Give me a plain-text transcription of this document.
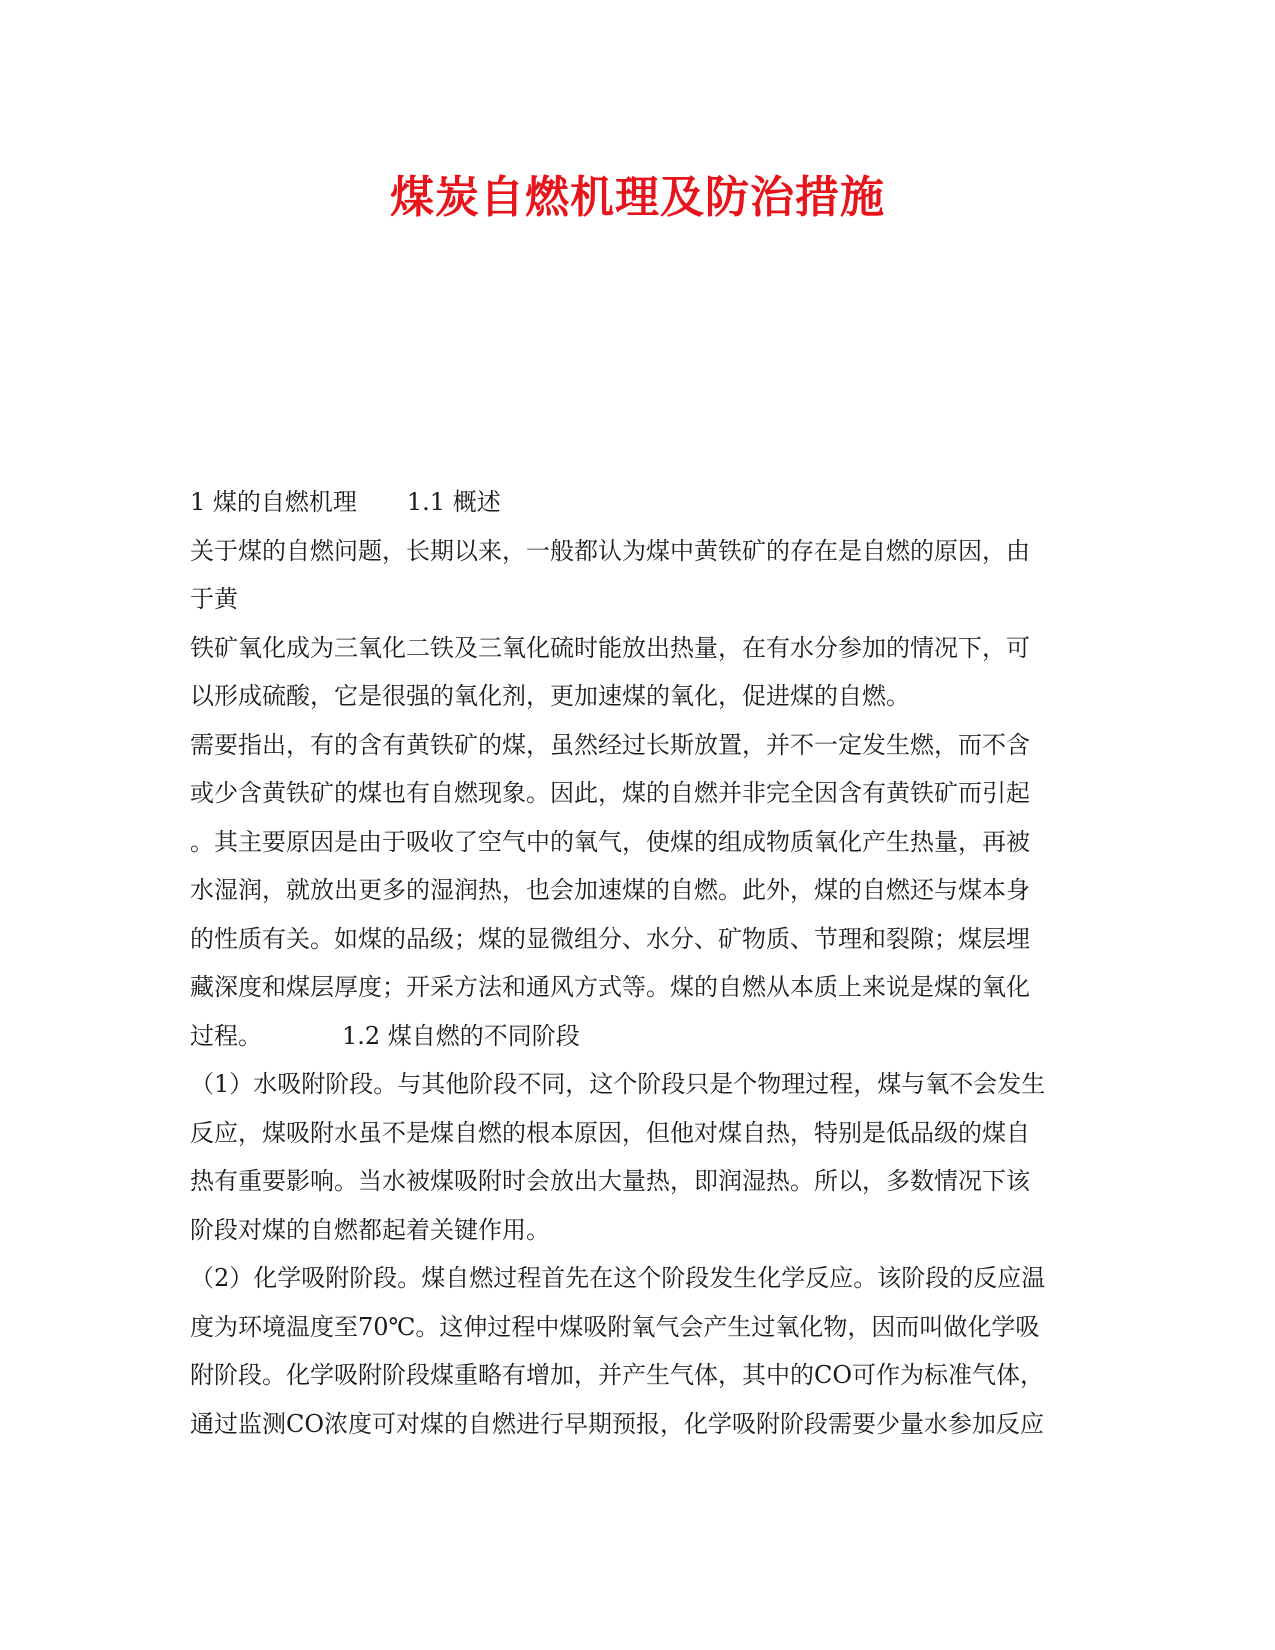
煤炭自燃机理及防治措施
1 煤的自燃机理 1.1 概述
关于煤的自燃问题，长期以来，一般都认为煤中黄铁矿的存在是自燃的原因，由
于黄
铁矿氧化成为三氧化二铁及三氧化硫时能放出热量，在有水分参加的情况下，可
以形成硫酸，它是很强的氧化剂，更加速煤的氧化，促进煤的自燃。
需要指出，有的含有黄铁矿的煤，虽然经过长斯放置，并不一定发生燃，而不含
或少含黄铁矿的煤也有自燃现象。因此，煤的自燃并非完全因含有黄铁矿而引起
。其主要原因是由于吸收了空气中的氧气，使煤的组成物质氧化产生热量，再被
水湿润，就放出更多的湿润热，也会加速煤的自燃。此外，煤的自燃还与煤本身
的性质有关。如煤的品级；煤的显微组分、水分、矿物质、节理和裂隙；煤层埋
藏深度和煤层厚度；开采方法和通风方式等。煤的自燃从本质上来说是煤的氧化
过程。	1.2 煤自燃的不同阶段
（1）水吸附阶段。与其他阶段不同，这个阶段只是个物理过程，煤与氧不会发生
反应，煤吸附水虽不是煤自燃的根本原因，但他对煤自热，特别是低品级的煤自
热有重要影响。当水被煤吸附时会放出大量热，即润湿热。所以，多数情况下该
阶段对煤的自燃都起着关键作用。
（2）化学吸附阶段。煤自燃过程首先在这个阶段发生化学反应。该阶段的反应温
度为环境温度至70℃。这伸过程中煤吸附氧气会产生过氧化物，因而叫做化学吸
附阶段。化学吸附阶段煤重略有增加，并产生气体，其中的CO可作为标准气体，
通过监测CO浓度可对煤的自燃进行早期预报，化学吸附阶段需要少量水参加反应
